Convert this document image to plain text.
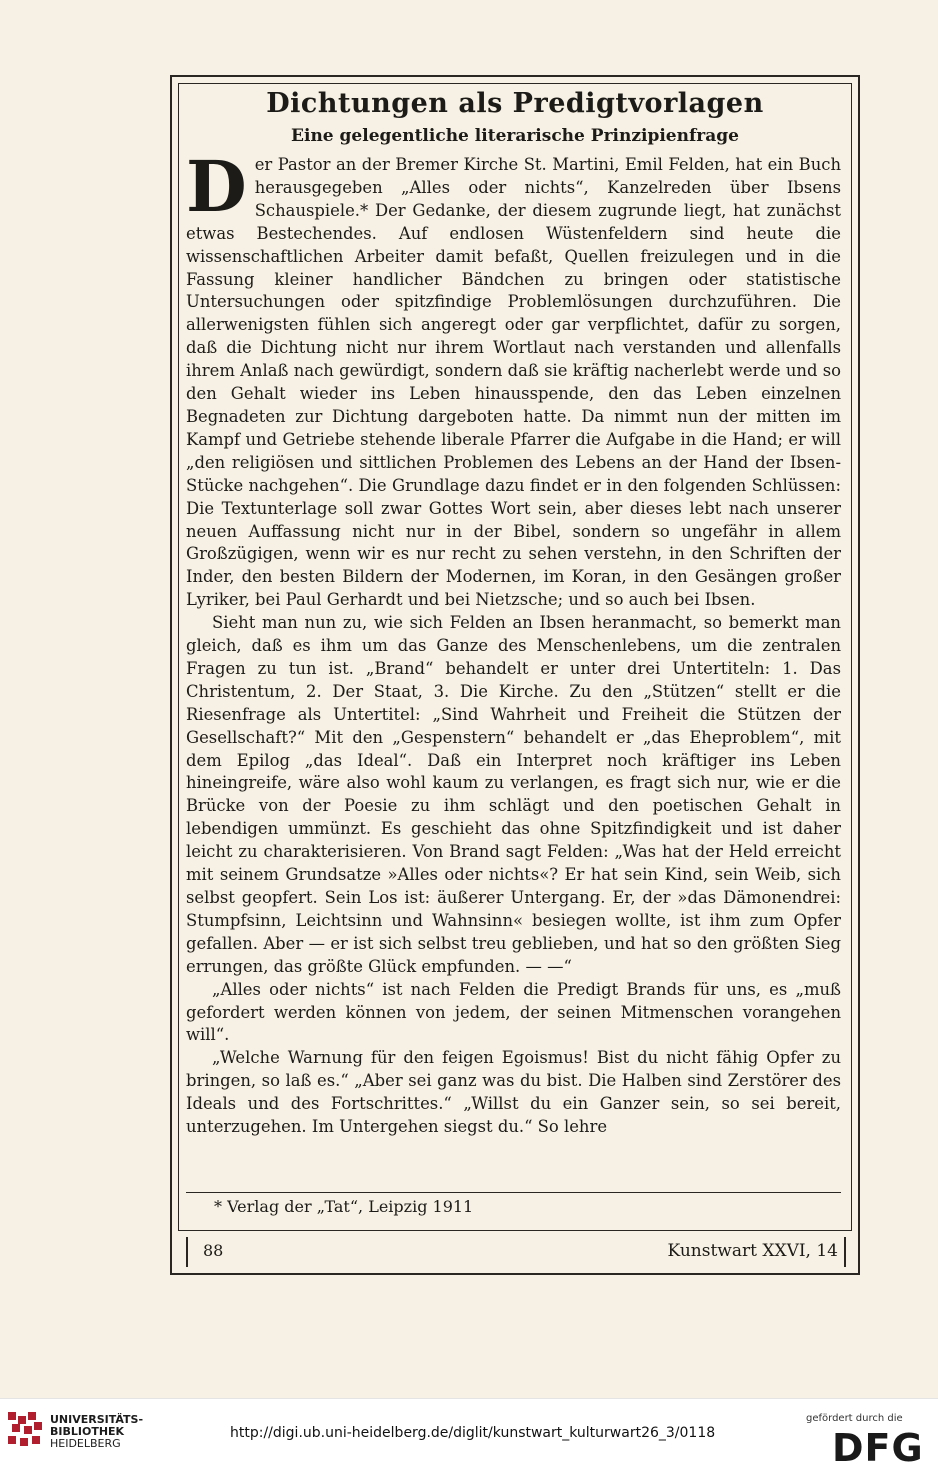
Dichtungen als Predigtvorlagen
Eine gelegentliche literarische Prinzipienfrage

Der Pastor an der Bremer Kirche St. Martini, Emil Felden, hat ein Buch herausgegeben „Alles oder nichts“, Kanzelreden über Ibsens Schauspiele.* Der Gedanke, der diesem zugrunde liegt, hat zunächst etwas Bestechendes. Auf endlosen Wüstenfeldern sind heute die wissenschaftlichen Arbeiter damit befaßt, Quellen freizulegen und in die Fassung kleiner handlicher Bändchen zu bringen oder statistische Untersuchungen oder spitzfindige Problemlösungen durchzuführen. Die allerwenigsten fühlen sich angeregt oder gar verpflichtet, dafür zu sorgen, daß die Dichtung nicht nur ihrem Wortlaut nach verstanden und allenfalls ihrem Anlaß nach gewürdigt, sondern daß sie kräftig nacherlebt werde und so den Gehalt wieder ins Leben hinausspende, den das Leben einzelnen Begnadeten zur Dichtung dargeboten hatte. Da nimmt nun der mitten im Kampf und Getriebe stehende liberale Pfarrer die Aufgabe in die Hand; er will „den religiösen und sittlichen Problemen des Lebens an der Hand der Ibsen-Stücke nachgehen“. Die Grundlage dazu findet er in den folgenden Schlüssen: Die Textunterlage soll zwar Gottes Wort sein, aber dieses lebt nach unserer neuen Auffassung nicht nur in der Bibel, sondern so ungefähr in allem Großzügigen, wenn wir es nur recht zu sehen verstehn, in den Schriften der Inder, den besten Bildern der Modernen, im Koran, in den Gesängen großer Lyriker, bei Paul Gerhardt und bei Nietzsche; und so auch bei Ibsen.

Sieht man nun zu, wie sich Felden an Ibsen heranmacht, so bemerkt man gleich, daß es ihm um das Ganze des Menschenlebens, um die zentralen Fragen zu tun ist. „Brand“ behandelt er unter drei Untertiteln: 1. Das Christentum, 2. Der Staat, 3. Die Kirche. Zu den „Stützen“ stellt er die Riesenfrage als Untertitel: „Sind Wahrheit und Freiheit die Stützen der Gesellschaft?“ Mit den „Gespenstern“ behandelt er „das Eheproblem“, mit dem Epilog „das Ideal“. Daß ein Interpret noch kräftiger ins Leben hineingreife, wäre also wohl kaum zu verlangen, es fragt sich nur, wie er die Brücke von der Poesie zu ihm schlägt und den poetischen Gehalt in lebendigen ummünzt. Es geschieht das ohne Spitzfindigkeit und ist daher leicht zu charakterisieren. Von Brand sagt Felden: „Was hat der Held erreicht mit seinem Grundsatze »Alles oder nichts«? Er hat sein Kind, sein Weib, sich selbst geopfert. Sein Los ist: äußerer Untergang. Er, der »das Dämonendrei: Stumpfsinn, Leichtsinn und Wahnsinn« besiegen wollte, ist ihm zum Opfer gefallen. Aber — er ist sich selbst treu geblieben, und hat so den größten Sieg errungen, das größte Glück empfunden. — —“

„Alles oder nichts“ ist nach Felden die Predigt Brands für uns, es „muß gefordert werden können von jedem, der seinen Mitmenschen vorangehen will“.

„Welche Warnung für den feigen Egoismus! Bist du nicht fähig Opfer zu bringen, so laß es.“ „Aber sei ganz was du bist. Die Halben sind Zerstörer des Ideals und des Fortschrittes.“ „Willst du ein Ganzer sein, so sei bereit, unterzugehen. Im Untergehen siegst du.“ So lehre

* Verlag der „Tat“, Leipzig 1911
88	Kunstwart XXVI, 14
UNIVERSITÄTS-
BIBLIOTHEK
HEIDELBERG
http://digi.ub.uni-heidelberg.de/diglit/kunstwart_kulturwart26_3/0118
gefördert durch die
DFG
